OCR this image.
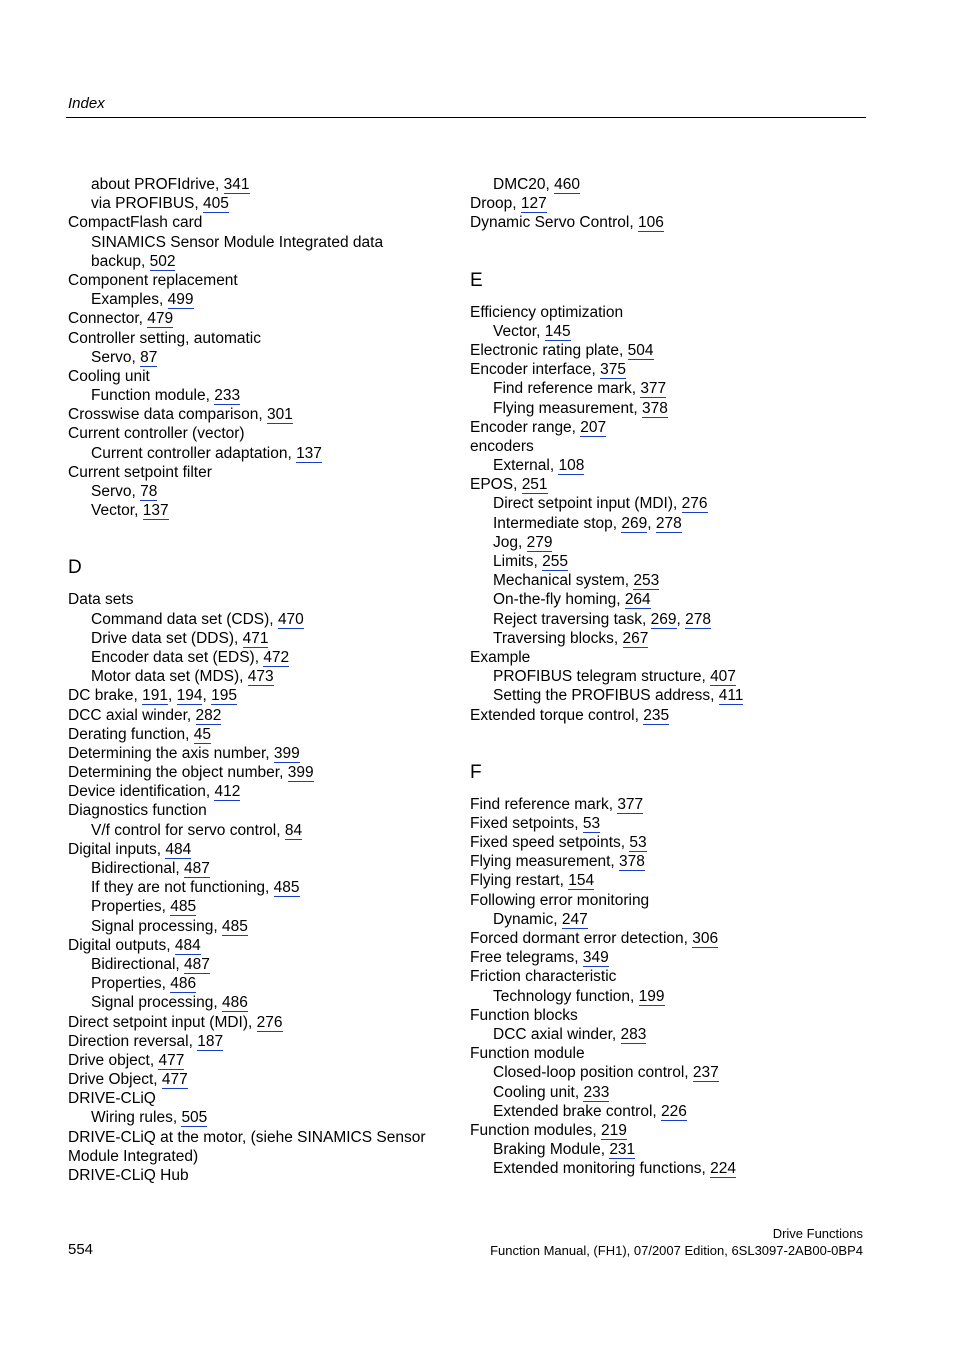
Index
about PROFIdrive, 341
via PROFIBUS, 405
CompactFlash card
SINAMICS Sensor Module Integrated data
backup, 502
Component replacement
Examples, 499
Connector, 479
Controller setting, automatic
Servo, 87
Cooling unit
Function module, 233
Crosswise data comparison, 301
Current controller (vector)
Current controller adaptation, 137
Current setpoint filter
Servo, 78
Vector, 137
D
Data sets
Command data set (CDS), 470
Drive data set (DDS), 471
Encoder data set (EDS), 472
Motor data set (MDS), 473
DC brake, 191, 194, 195
DCC axial winder, 282
Derating function, 45
Determining the axis number, 399
Determining the object number, 399
Device identification, 412
Diagnostics function
V/f control for servo control, 84
Digital inputs, 484
Bidirectional, 487
If they are not functioning, 485
Properties, 485
Signal processing, 485
Digital outputs, 484
Bidirectional, 487
Properties, 486
Signal processing, 486
Direct setpoint input (MDI), 276
Direction reversal, 187
Drive object, 477
Drive Object, 477
DRIVE-CLiQ
Wiring rules, 505
DRIVE-CLiQ at the motor, (siehe SINAMICS Sensor
Module Integrated)
DRIVE-CLiQ Hub
DMC20, 460
Droop, 127
Dynamic Servo Control, 106
E
Efficiency optimization
Vector, 145
Electronic rating plate, 504
Encoder interface, 375
Find reference mark, 377
Flying measurement, 378
Encoder range, 207
encoders
External, 108
EPOS, 251
Direct setpoint input (MDI), 276
Intermediate stop, 269, 278
Jog, 279
Limits, 255
Mechanical system, 253
On-the-fly homing, 264
Reject traversing task, 269, 278
Traversing blocks, 267
Example
PROFIBUS telegram structure, 407
Setting the PROFIBUS address, 411
Extended torque control, 235
F
Find reference mark, 377
Fixed setpoints, 53
Fixed speed setpoints, 53
Flying measurement, 378
Flying restart, 154
Following error monitoring
Dynamic, 247
Forced dormant error detection, 306
Free telegrams, 349
Friction characteristic
Technology function, 199
Function blocks
DCC axial winder, 283
Function module
Closed-loop position control, 237
Cooling unit, 233
Extended brake control, 226
Function modules, 219
Braking Module, 231
Extended monitoring functions, 224
554
Drive Functions
Function Manual, (FH1), 07/2007 Edition, 6SL3097-2AB00-0BP4
